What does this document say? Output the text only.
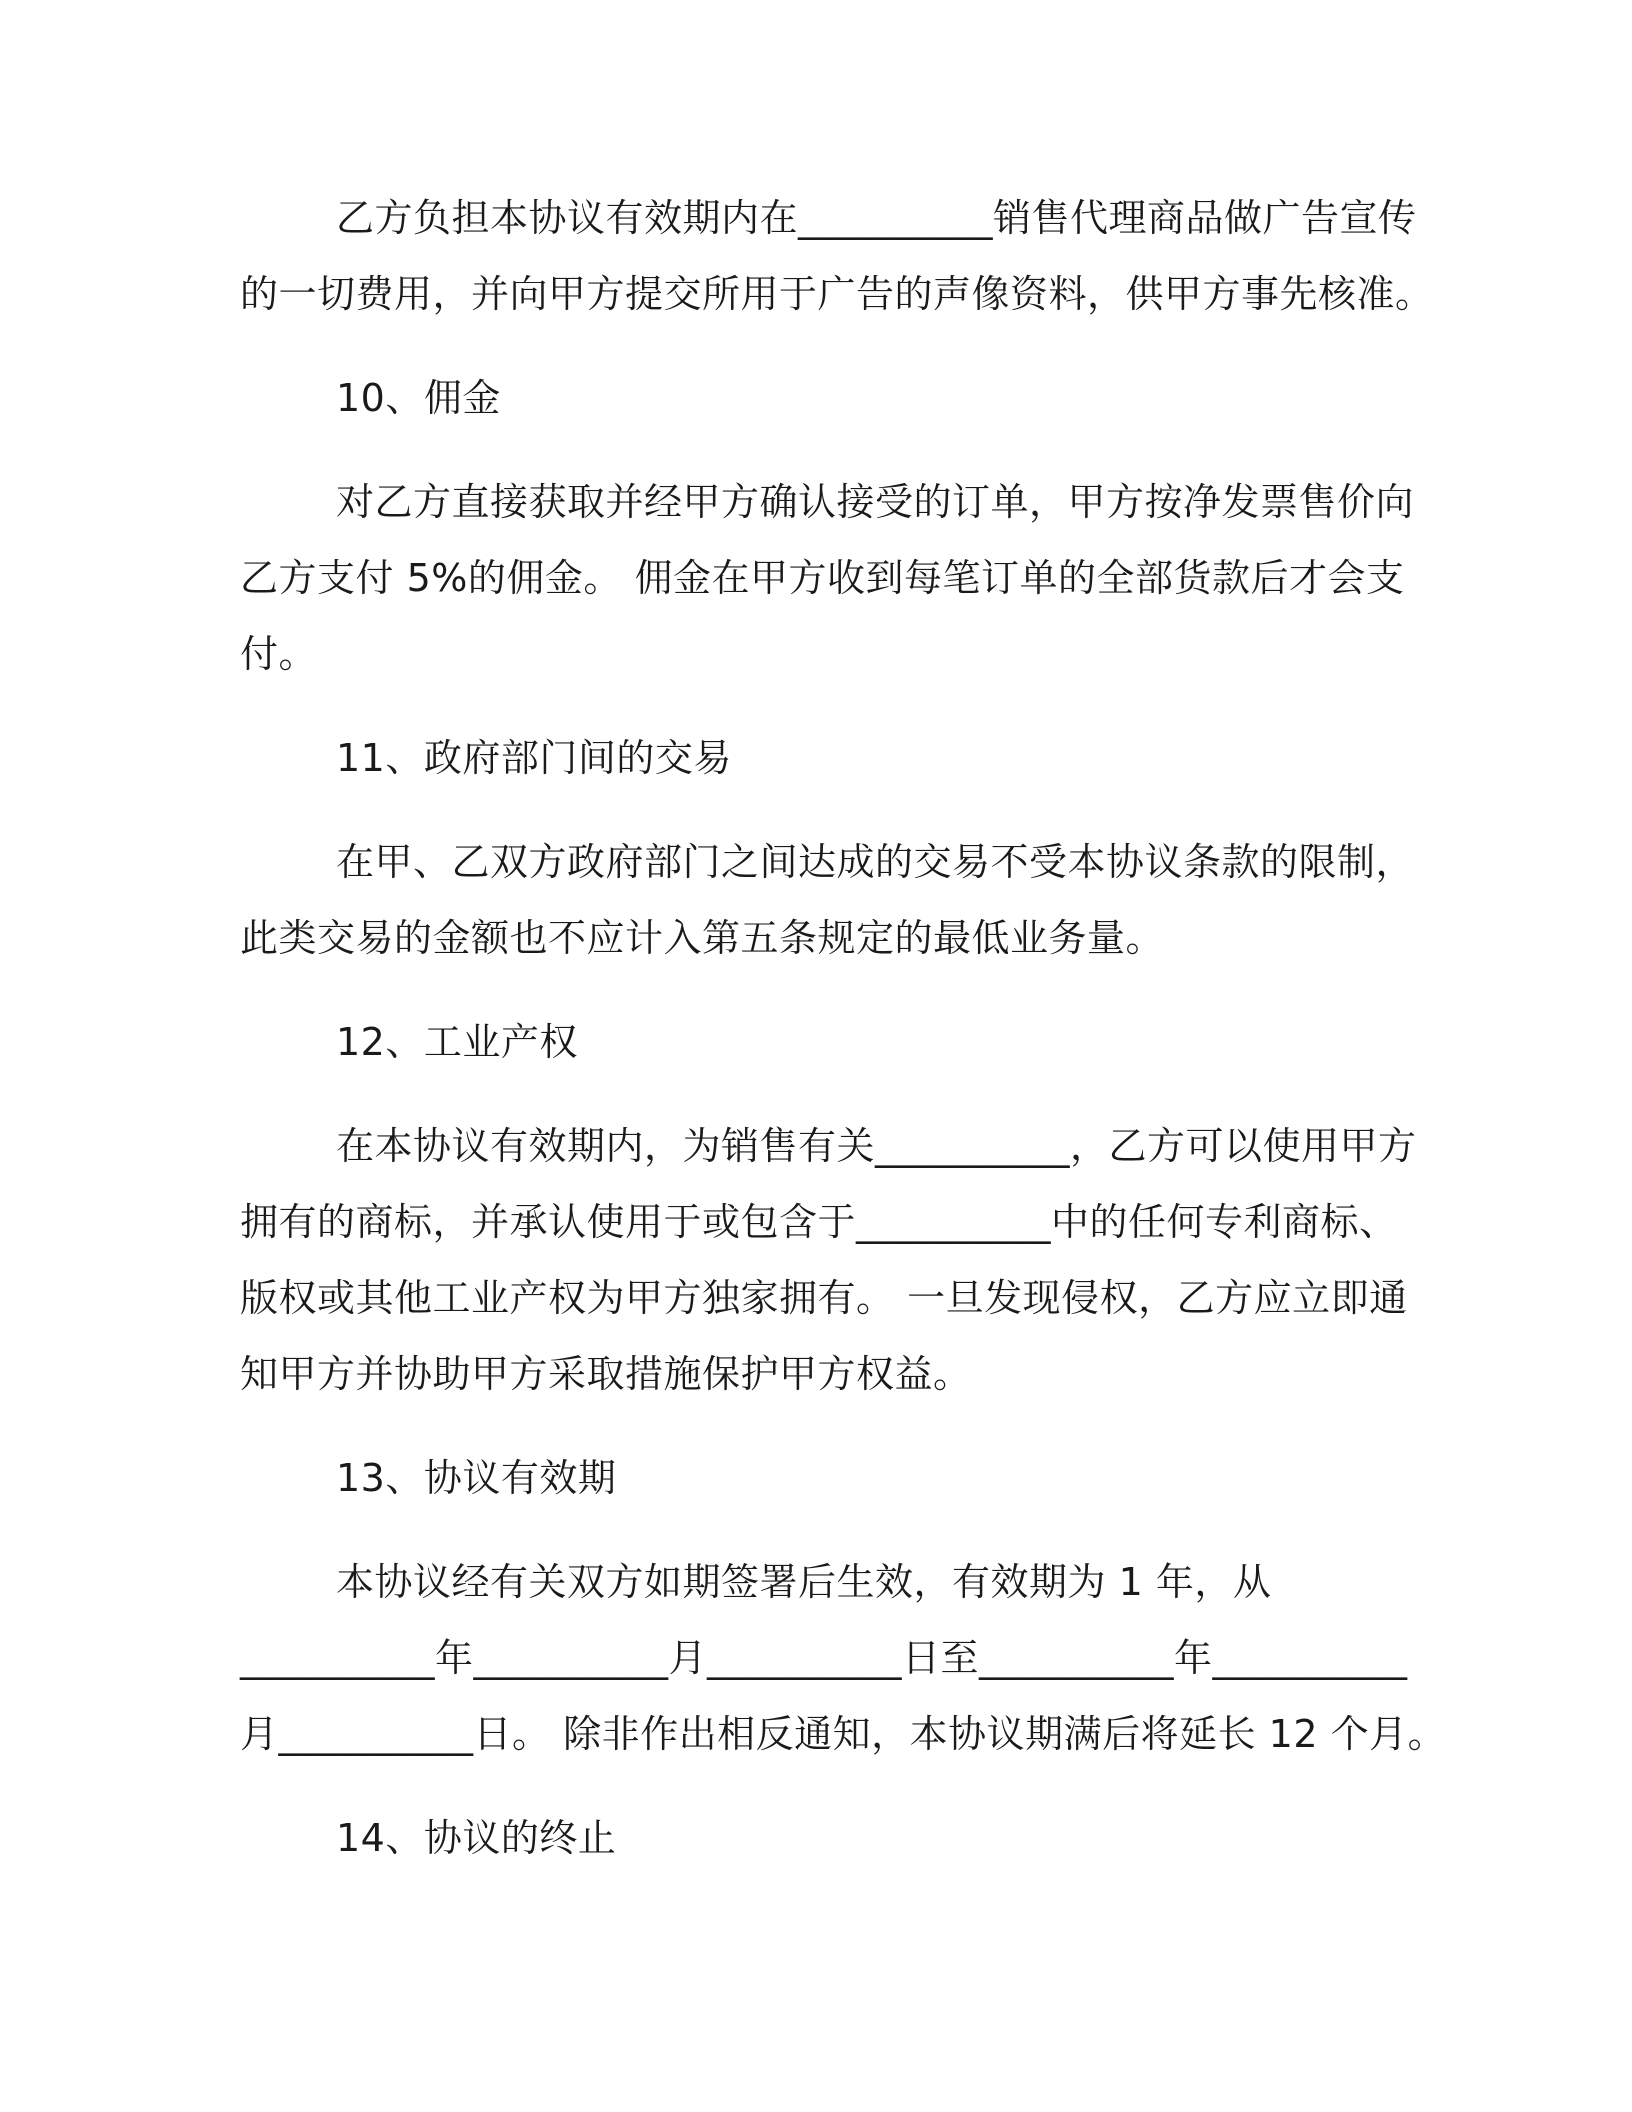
乙方负担本协议有效期内在__________销售代理商品做广告宣传
的一切费用，并向甲方提交所用于广告的声像资料，供甲方事先核准。
10、佣金
对乙方直接获取并经甲方确认接受的订单，甲方按净发票售价向
乙方支付 5%的佣金。 佣金在甲方收到每笔订单的全部货款后才会支
付。
11、政府部门间的交易
在甲、乙双方政府部门之间达成的交易不受本协议条款的限制，
此类交易的金额也不应计入第五条规定的最低业务量。
12、工业产权
在本协议有效期内，为销售有关__________，乙方可以使用甲方
拥有的商标，并承认使用于或包含于__________中的任何专利商标、
版权或其他工业产权为甲方独家拥有。 一旦发现侵权，乙方应立即通
知甲方并协助甲方采取措施保护甲方权益。
13、协议有效期
本协议经有关双方如期签署后生效，有效期为 1 年，从
__________年__________月__________日至__________年__________
月__________日。 除非作出相反通知，本协议期满后将延长 12 个月。
14、协议的终止
